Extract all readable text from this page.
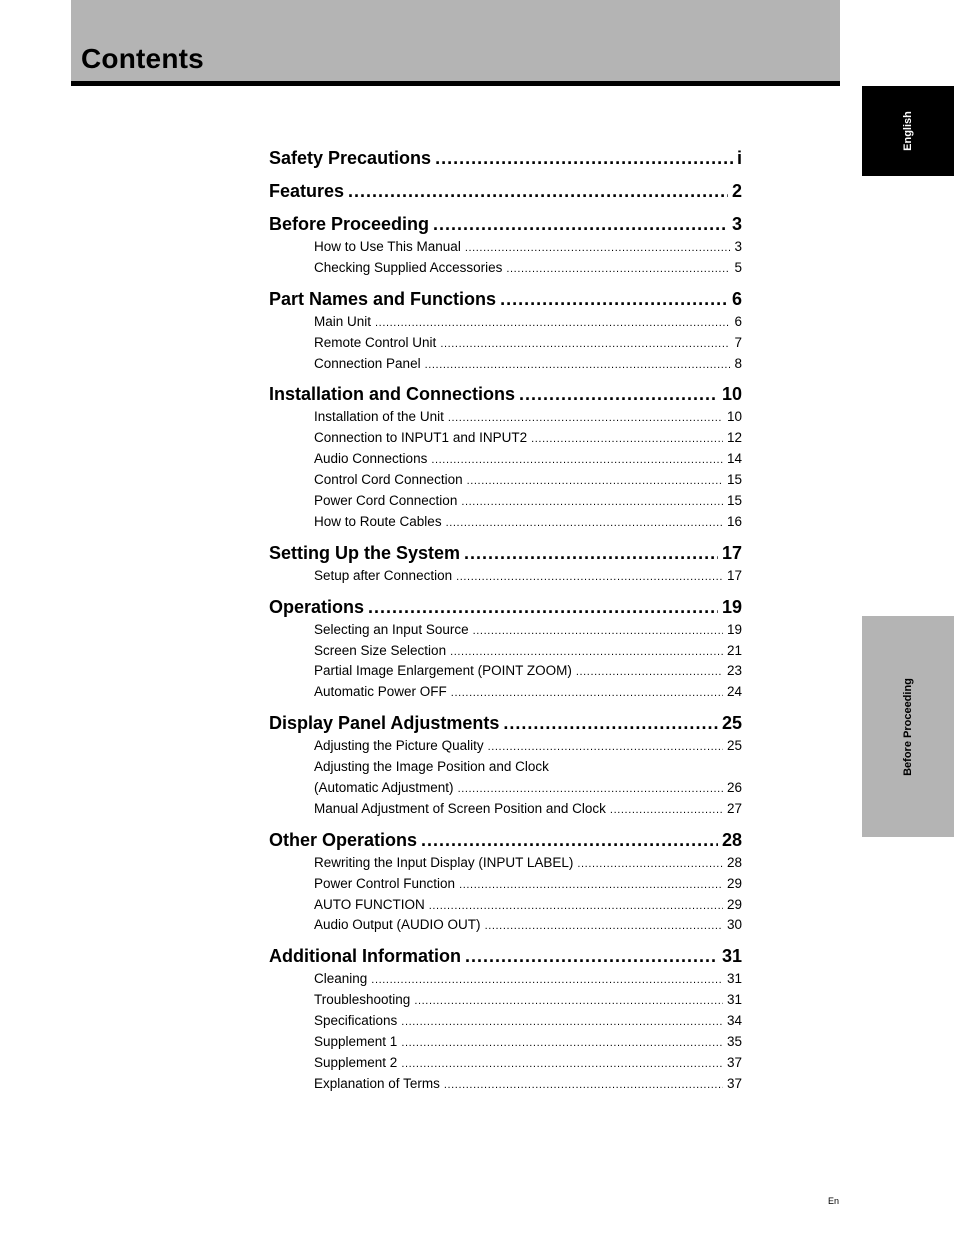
Contents
English
Before Proceeding
Safety Precautions .....	i
Features .....	2
Before Proceeding .....	3
How to Use This Manual .....	3
Checking Supplied Accessories .....	5
Part Names and Functions .....	6
Main Unit .....	6
Remote Control Unit .....	7
Connection Panel .....	8
Installation and Connections .....	10
Installation of the Unit .....	10
Connection to INPUT1 and INPUT2 .....	12
Audio Connections .....	14
Control Cord Connection .....	15
Power Cord Connection .....	15
How to Route Cables .....	16
Setting Up the System .....	17
Setup after Connection .....	17
Operations .....	19
Selecting an Input Source .....	19
Screen Size Selection .....	21
Partial Image Enlargement (POINT ZOOM) .....	23
Automatic Power OFF .....	24
Display Panel Adjustments .....	25
Adjusting the Picture Quality .....	25
Adjusting the Image Position and Clock
(Automatic Adjustment) .....	26
Manual Adjustment of Screen Position and Clock .....	27
Other Operations .....	28
Rewriting the Input Display (INPUT LABEL) .....	28
Power Control Function .....	29
AUTO FUNCTION .....	29
Audio Output (AUDIO OUT) .....	30
Additional Information .....	31
Cleaning .....	31
Troubleshooting .....	31
Specifications .....	34
Supplement 1 .....	35
Supplement 2 .....	37
Explanation of Terms .....	37
En
